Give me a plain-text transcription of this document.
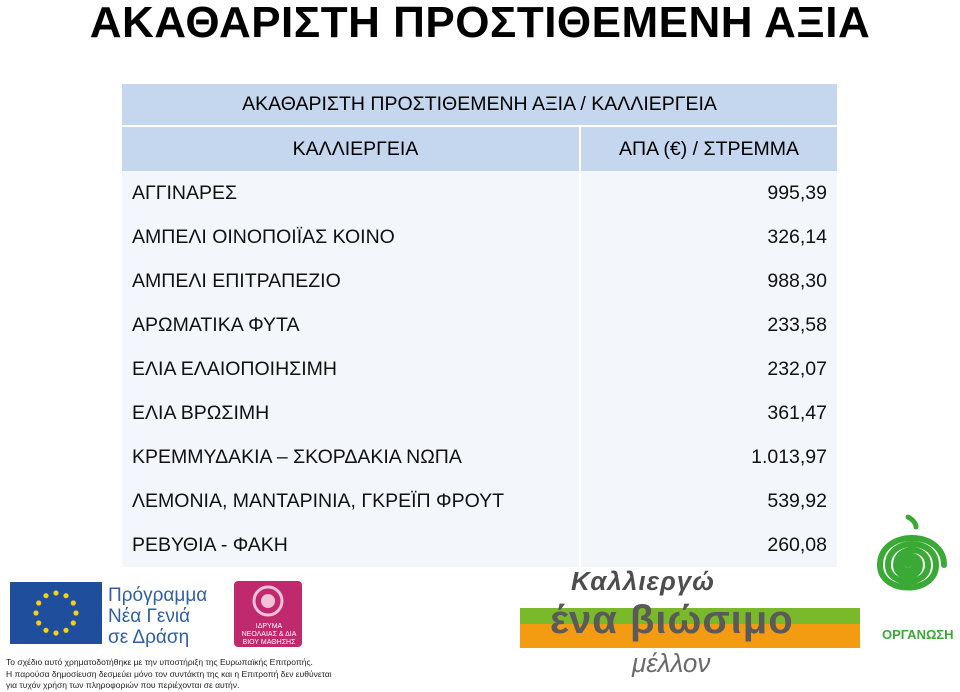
ΑΚΑΘΑΡΙΣΤΗ ΠΡΟΣΤΙΘΕΜΕΝΗ ΑΞΙΑ
ΑΚΑΘΑΡΙΣΤΗ ΠΡΟΣΤΙΘΕΜΕΝΗ ΑΞΙΑ / ΚΑΛΛΙΕΡΓΕΙΑ	
ΚΑΛΛΙΕΡΓΕΙΑ	ΑΠΑ (€) / ΣΤΡΕΜΜΑ
ΑΓΓΙΝΑΡΕΣ	995,39
ΑΜΠΕΛΙ ΟΙΝΟΠΟΙΪΑΣ ΚΟΙΝΟ	326,14
ΑΜΠΕΛΙ ΕΠΙΤΡΑΠΕΖΙΟ	988,30
ΑΡΩΜΑΤΙΚΑ ΦΥΤΑ	233,58
ΕΛΙΑ ΕΛΑΙΟΠΟΙΗΣΙΜΗ	232,07
ΕΛΙΑ ΒΡΩΣΙΜΗ	361,47
ΚΡΕΜΜΥΔΑΚΙΑ – ΣΚΟΡΔΑΚΙΑ ΝΩΠΑ	1.013,97
ΛΕΜΟΝΙΑ, ΜΑΝΤΑΡΙΝΙΑ, ΓΚΡΕΪΠ ΦΡΟΥΤ	539,92
ΡΕΒΥΘΙΑ - ΦΑΚΗ	260,08
Πρόγραμμα
Νέα Γενιά
σε Δράση
ΙΔΡΥΜΑ ΝΕΟΛΑΙΑΣ & ΔΙΑ ΒΙΟΥ ΜΑΘΗΣΗΣ
Καλλιεργώ
ένα βιώσιμο
μέλλον
ΟΡΓΑΝΩΣΗ
Το σχέδιο αυτό χρηματοδοτήθηκε με την υποστήριξη της Ευρωπαϊκής Επιτροπής.
Η παρούσα δημοσίευση δεσμεύει μόνο τον συντάκτη της και η Επιτροπή δεν ευθύνεται
για τυχόν χρήση των πληροφοριών που περιέχονται σε αυτήν.
